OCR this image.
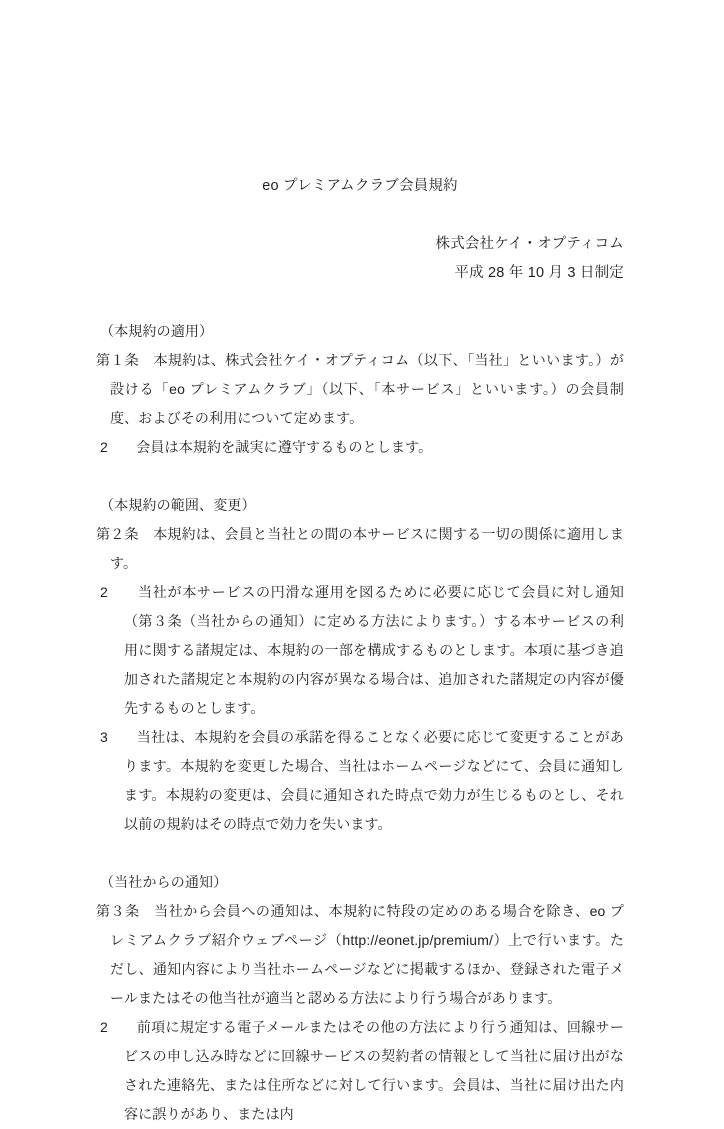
eo プレミアムクラブ会員規約
株式会社ケイ・オプティコム
平成 28 年 10 月 3 日制定
（本規約の適用）
第１条　 本規約は、株式会社ケイ・オプティコム（以下、「当社」といいます。）が設ける「eo プレミアムクラブ」（以下、「本サービス」といいます。）の会員制度、およびその利用について定めます。
2　　 会員は本規約を誠実に遵守するものとします。
（本規約の範囲、変更）
第２条　 本規約は、会員と当社との間の本サービスに関する一切の関係に適用します。
2　　 当社が本サービスの円滑な運用を図るために必要に応じて会員に対し通知（第３条（当社からの通知）に定める方法によります。）する本サービスの利用に関する諸規定は、本規約の一部を構成するものとします。本項に基づき追加された諸規定と本規約の内容が異なる場合は、追加された諸規定の内容が優先するものとします。
3　　 当社は、本規約を会員の承諾を得ることなく必要に応じて変更することがあります。本規約を変更した場合、当社はホームページなどにて、会員に通知します。本規約の変更は、会員に通知された時点で効力が生じるものとし、それ以前の規約はその時点で効力を失います。
（当社からの通知）
第３条　 当社から会員への通知は、本規約に特段の定めのある場合を除き、eo プレミアムクラブ紹介ウェブページ（http://eonet.jp/premium/）上で行います。ただし、通知内容により当社ホームページなどに掲載するほか、登録された電子メールまたはその他当社が適当と認める方法により行う場合があります。
2　　 前項に規定する電子メールまたはその他の方法により行う通知は、回線サービスの申し込み時などに回線サービスの契約者の情報として当社に届け出がなされた連絡先、または住所などに対して行います。会員は、当社に届け出た内容に誤りがあり、または内
